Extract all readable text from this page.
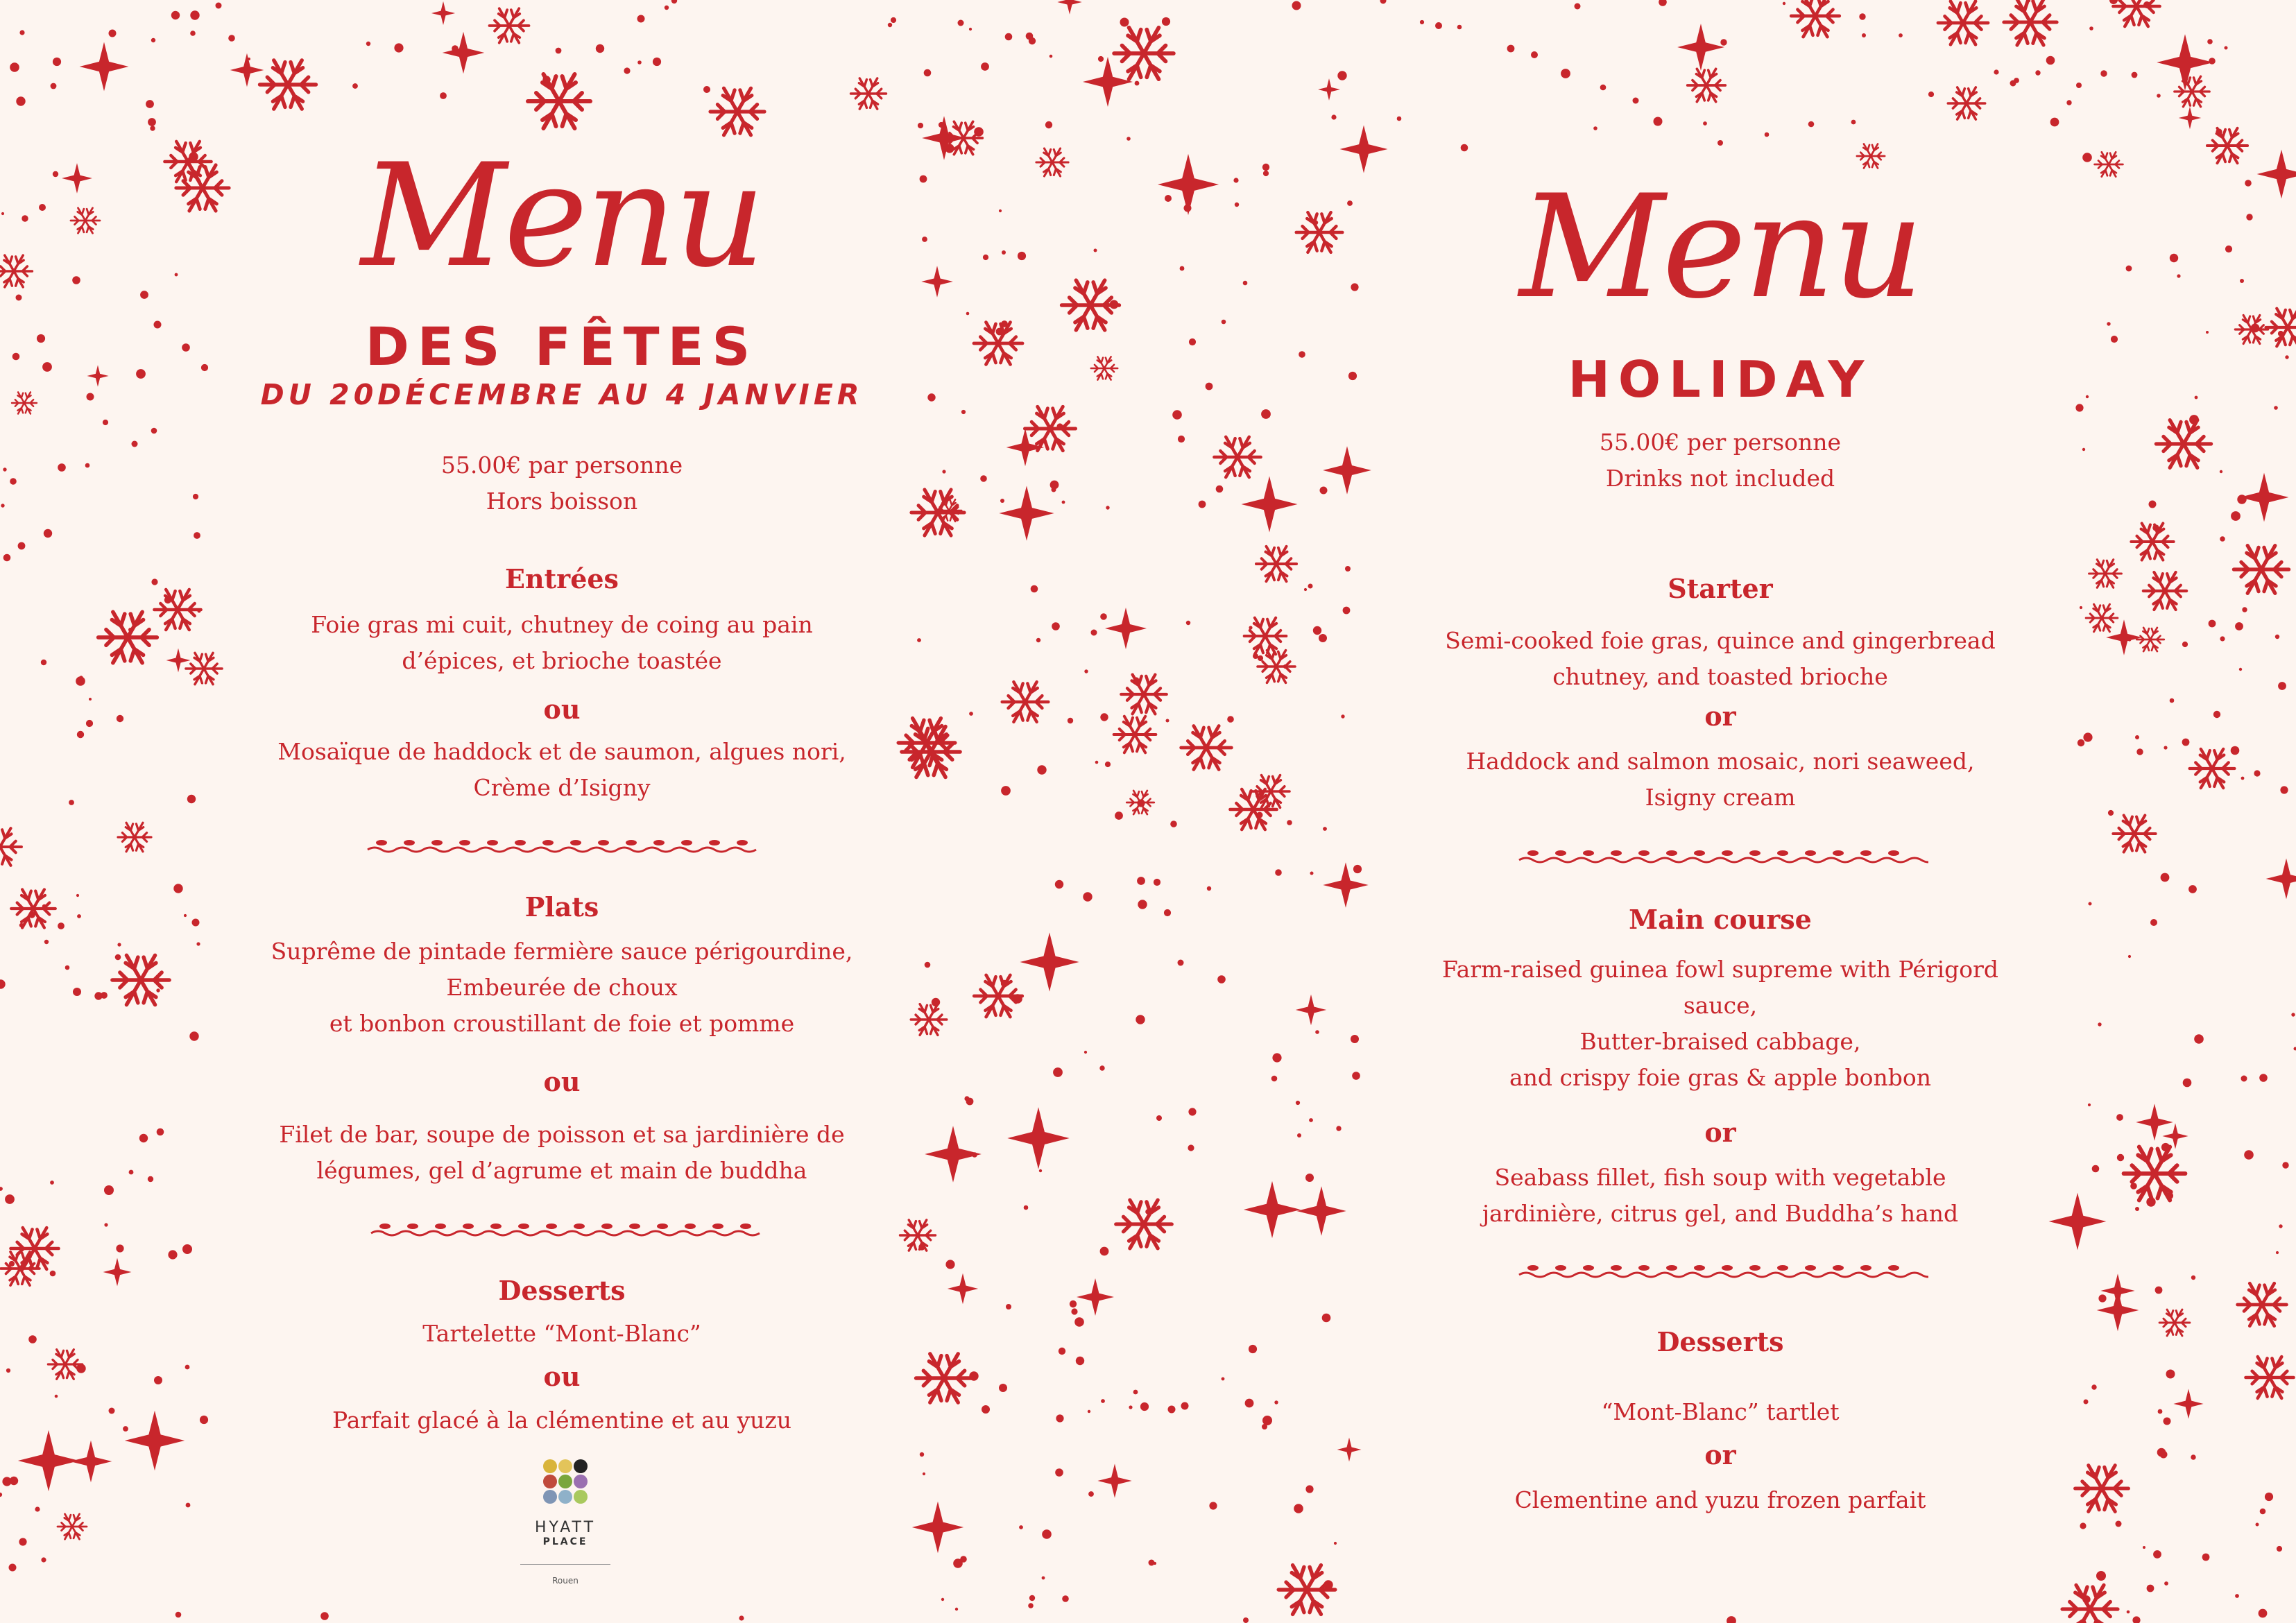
Menu
DES FÊTES
DU 20DÉCEMBRE AU 4 JANVIER
55.00€ par personne
Hors boisson
Entrées
Foie gras mi cuit, chutney de coing au pain
d’épices, et brioche toastée
ou
Mosaïque de haddock et de saumon, algues nori,
Crème d’Isigny
Plats
Suprême de pintade fermière sauce périgourdine,
Embeurée de choux
et bonbon croustillant de foie et pomme
ou
Filet de bar, soupe de poisson et sa jardinière de
légumes, gel d’agrume et main de buddha
Desserts
Tartelette “Mont-Blanc”
ou
Parfait glacé à la clémentine et au yuzu
HYATT
PLACE
Rouen
Menu
HOLIDAY
55.00€ per personne
Drinks not included
Starter
Semi-cooked foie gras, quince and gingerbread
chutney, and toasted brioche
or
Haddock and salmon mosaic, nori seaweed,
Isigny cream
Main course
Farm-raised guinea fowl supreme with Périgord
sauce,
Butter-braised cabbage,
and crispy foie gras & apple bonbon
or
Seabass fillet, fish soup with vegetable
jardinière, citrus gel, and Buddha’s hand
Desserts
“Mont-Blanc” tartlet
or
Clementine and yuzu frozen parfait
